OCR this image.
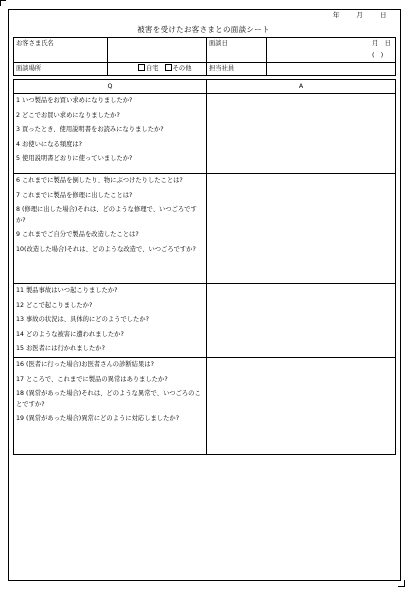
年	月	日
被害を受けたお客さまとの面談シート
お客さま氏名		面談日	月　日(　)
面談場所	自宅 その他	担当社員	
Q	A

1 いつ製品をお買い求めになりましたか?
2 どこでお買い求めになりましたか?
3 買ったとき、使用説明書をお読みになりましたか?
4 お使いになる頻度は?
5 使用説明書どおりに使っていましたか?	

6 これまでに製品を倒したり、物にぶつけたりしたことは?
7 これまでに製品を修理に出したことは?
8 (修理に出した場合)それは、どのような修理で、いつごろですか?
9 これまでご自分で製品を改造したことは?
10(改造した場合)それは、どのような改造で、いつごろですか?	

11 製品事故はいつ起こりましたか?
12 どこで起こりましたか?
13 事故の状況は、具体的にどのようでしたか?
14 どのような被害に遭われましたか?
15 お医者には行かれましたか?	

16 (医者に行った場合)お医者さんの診断結果は?
17 ところで、これまでに製品の異常はありましたか?
18 (異常があった場合)それは、どのような異常で、いつごろのことですか?
19 (異常があった場合)異常にどのように対応しましたか?	
